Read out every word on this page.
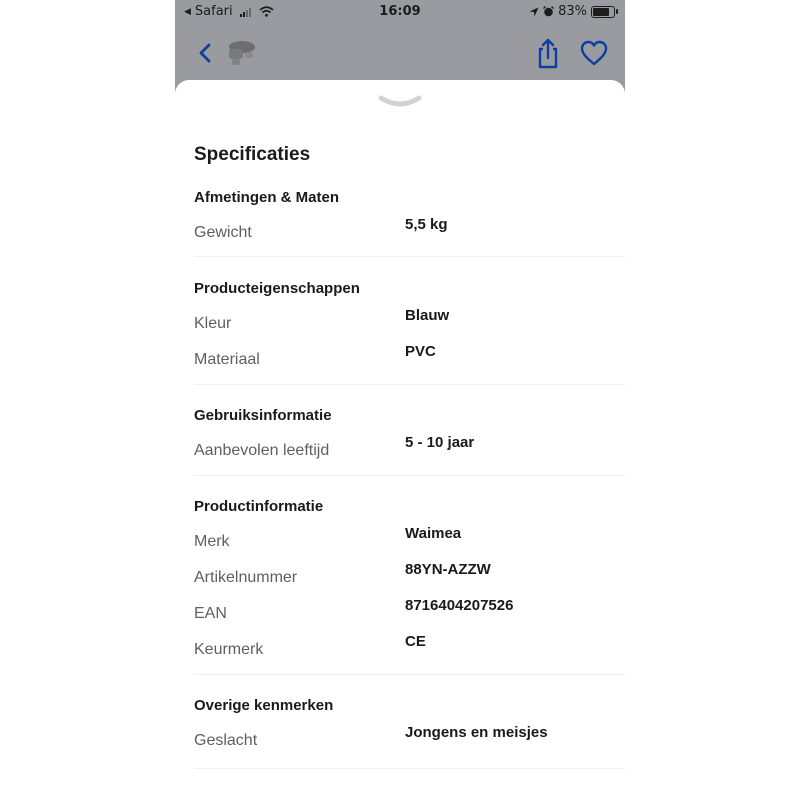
◀ Safari	16:09	83%
Specificaties
Afmetingen & Maten
Gewicht	5,5 kg
Producteigenschappen
Kleur	Blauw
Materiaal	PVC
Gebruiksinformatie
Aanbevolen leeftijd	5 - 10 jaar
Productinformatie
Merk	Waimea
Artikelnummer	88YN-AZZW
EAN	8716404207526
Keurmerk	CE
Overige kenmerken
Geslacht	Jongens en meisjes
